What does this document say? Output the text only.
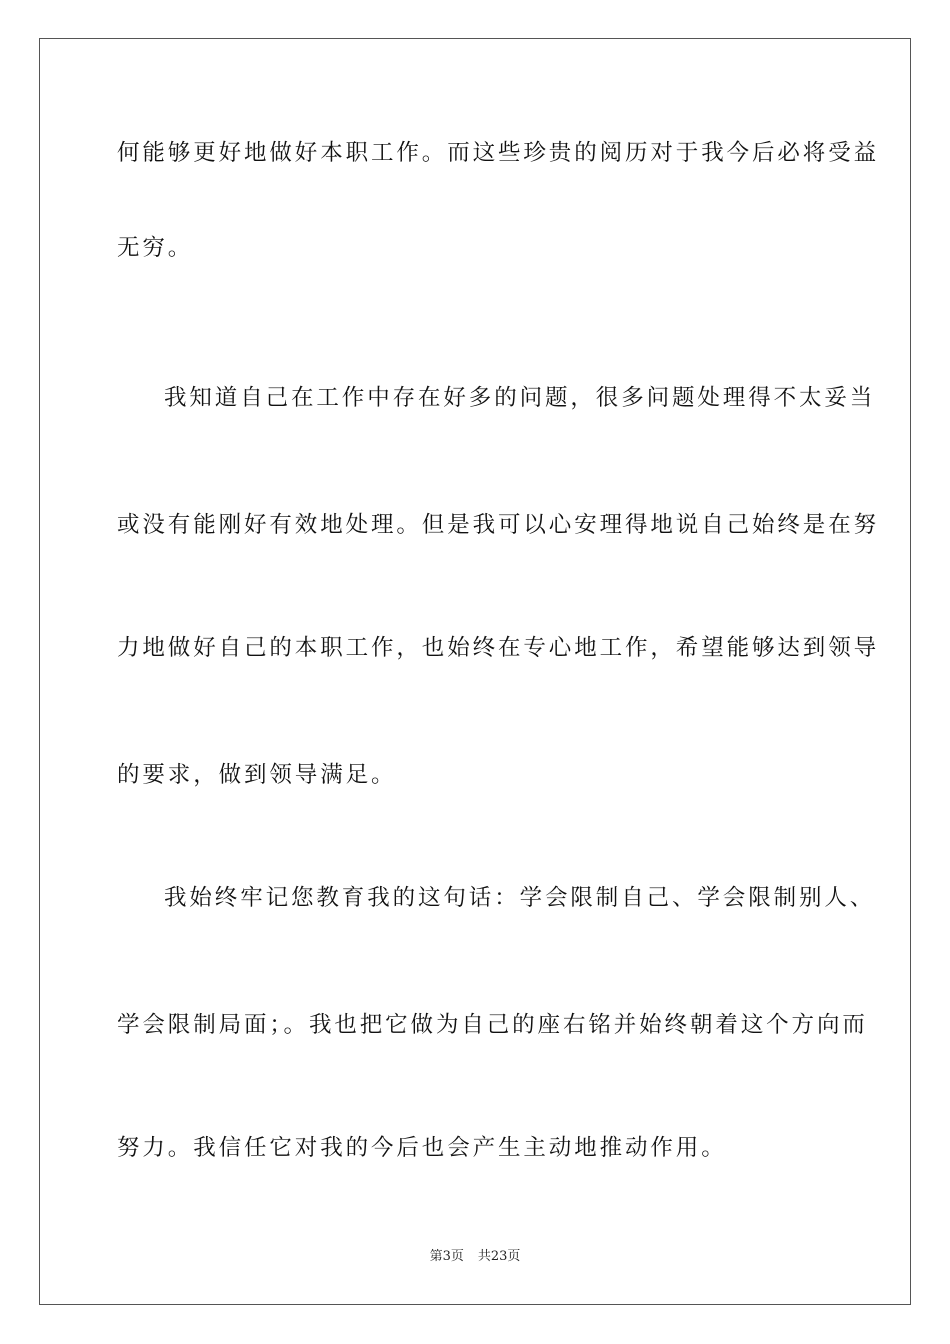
何能够更好地做好本职工作。而这些珍贵的阅历对于我今后必将受益
无穷。
我知道自己在工作中存在好多的问题，很多问题处理得不太妥当
或没有能刚好有效地处理。但是我可以心安理得地说自己始终是在努
力地做好自己的本职工作，也始终在专心地工作，希望能够达到领导
的要求，做到领导满足。
我始终牢记您教育我的这句话：学会限制自己、学会限制别人、
学会限制局面；。我也把它做为自己的座右铭并始终朝着这个方向而
努力。我信任它对我的今后也会产生主动地推动作用。
第3页 共23页
